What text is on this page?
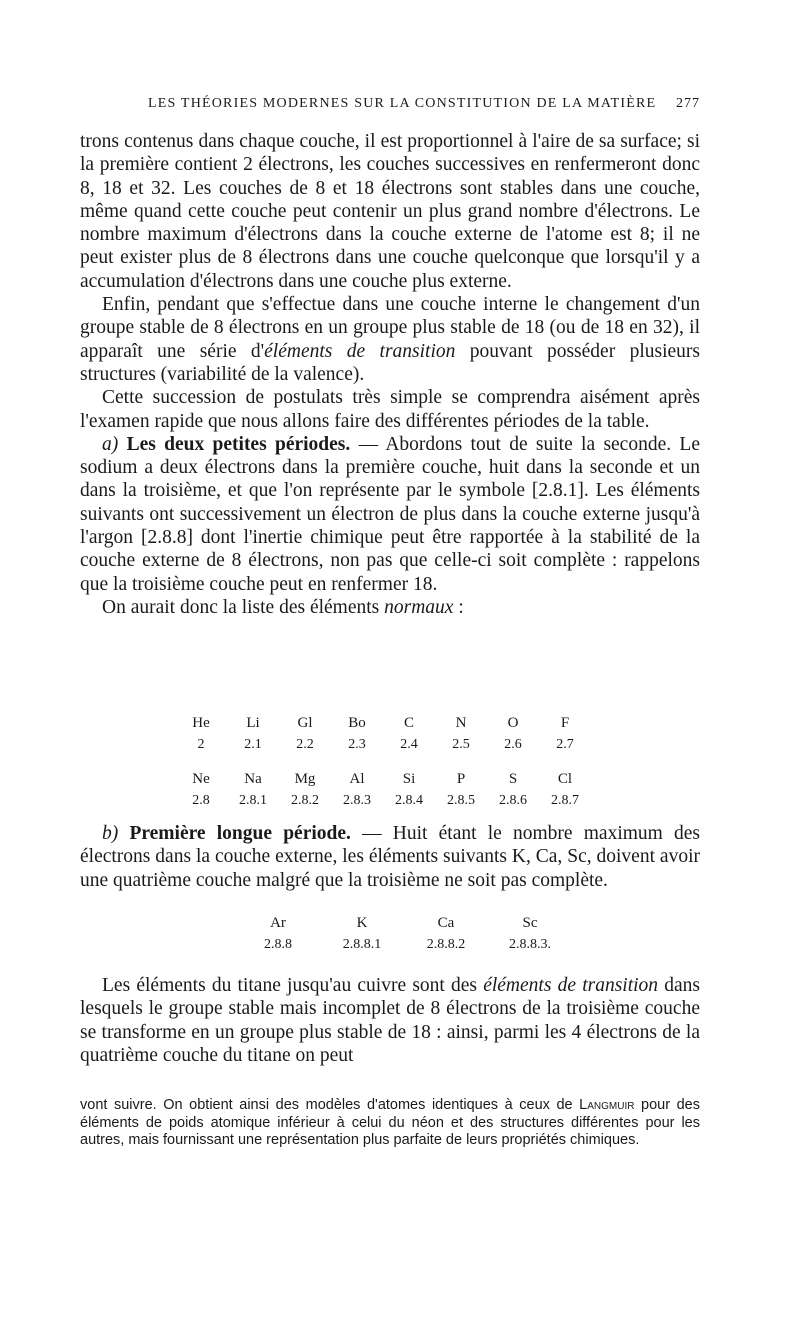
LES THÉORIES MODERNES SUR LA CONSTITUTION DE LA MATIÈRE 277

trons contenus dans chaque couche, il est proportionnel à l'aire de sa surface; si la première contient 2 électrons, les couches successives en renfermeront donc 8, 18 et 32. Les couches de 8 et 18 électrons sont stables dans une couche, même quand cette couche peut contenir un plus grand nombre d'électrons. Le nombre maximum d'électrons dans la couche externe de l'atome est 8; il ne peut exister plus de 8 électrons dans une couche quelconque que lorsqu'il y a accumulation d'électrons dans une couche plus externe.

Enfin, pendant que s'effectue dans une couche interne le changement d'un groupe stable de 8 électrons en un groupe plus stable de 18 (ou de 18 en 32), il apparaît une série d'éléments de transition pouvant posséder plusieurs structures (variabilité de la valence).

Cette succession de postulats très simple se comprendra aisément après l'examen rapide que nous allons faire des différentes périodes de la table.

a) Les deux petites périodes. — Abordons tout de suite la seconde. Le sodium a deux électrons dans la première couche, huit dans la seconde et un dans la troisième, et que l'on représente par le symbole [2.8.1]. Les éléments suivants ont successivement un électron de plus dans la couche externe jusqu'à l'argon [2.8.8] dont l'inertie chimique peut être rapportée à la stabilité de la couche externe de 8 électrons, non pas que celle-ci soit complète : rappelons que la troisième couche peut en renfermer 18.

On aurait donc la liste des éléments normaux :

He	Li	Gl	Bo	C	N	O	F
2	2.1	2.2	2.3	2.4	2.5	2.6	2.7
Ne	Na	Mg	Al	Si	P	S	Cl
2.8	2.8.1	2.8.2	2.8.3	2.8.4	2.8.5	2.8.6	2.8.7

b) Première longue période. — Huit étant le nombre maximum des électrons dans la couche externe, les éléments suivants K, Ca, Sc, doivent avoir une quatrième couche malgré que la troisième ne soit pas complète.

Ar	K	Ca	Sc
2.8.8	2.8.8.1	2.8.8.2	2.8.8.3.

Les éléments du titane jusqu'au cuivre sont des éléments de transition dans lesquels le groupe stable mais incomplet de 8 électrons de la troisième couche se transforme en un groupe plus stable de 18 : ainsi, parmi les 4 électrons de la quatrième couche du titane on peut

vont suivre. On obtient ainsi des modèles d'atomes identiques à ceux de Langmuir pour des éléments de poids atomique inférieur à celui du néon et des structures différentes pour les autres, mais fournissant une représentation plus parfaite de leurs propriétés chimiques.
